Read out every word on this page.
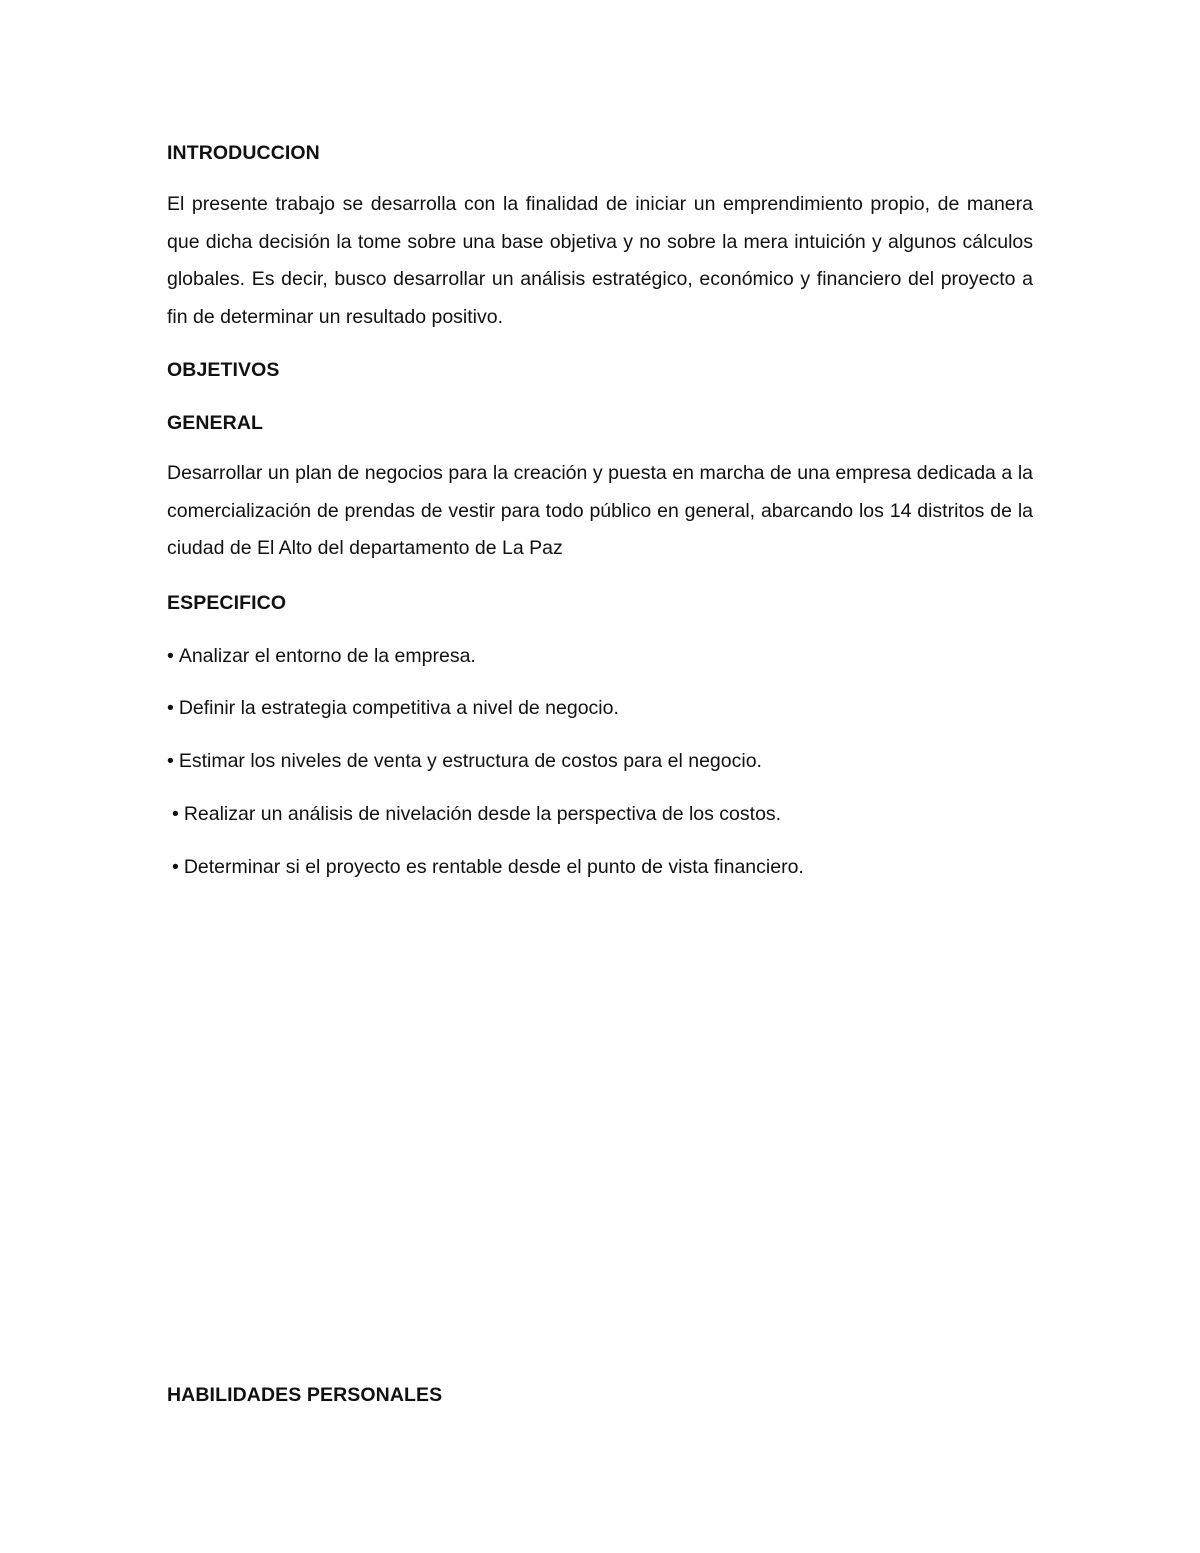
INTRODUCCION

El presente trabajo se desarrolla con la finalidad de iniciar un emprendimiento propio, de manera que dicha decisión la tome sobre una base objetiva y no sobre la mera intuición y algunos cálculos globales. Es decir, busco desarrollar un análisis estratégico, económico y financiero del proyecto a fin de determinar un resultado positivo.

OBJETIVOS
GENERAL

Desarrollar un plan de negocios para la creación y puesta en marcha de una empresa dedicada a la comercialización de prendas de vestir para todo público en general, abarcando los 14 distritos de la ciudad de El Alto del departamento de La Paz

ESPECIFICO
• Analizar el entorno de la empresa.
• Definir la estrategia competitiva a nivel de negocio.
• Estimar los niveles de venta y estructura de costos para el negocio.
• Realizar un análisis de nivelación desde la perspectiva de los costos.
• Determinar si el proyecto es rentable desde el punto de vista financiero.
HABILIDADES PERSONALES
